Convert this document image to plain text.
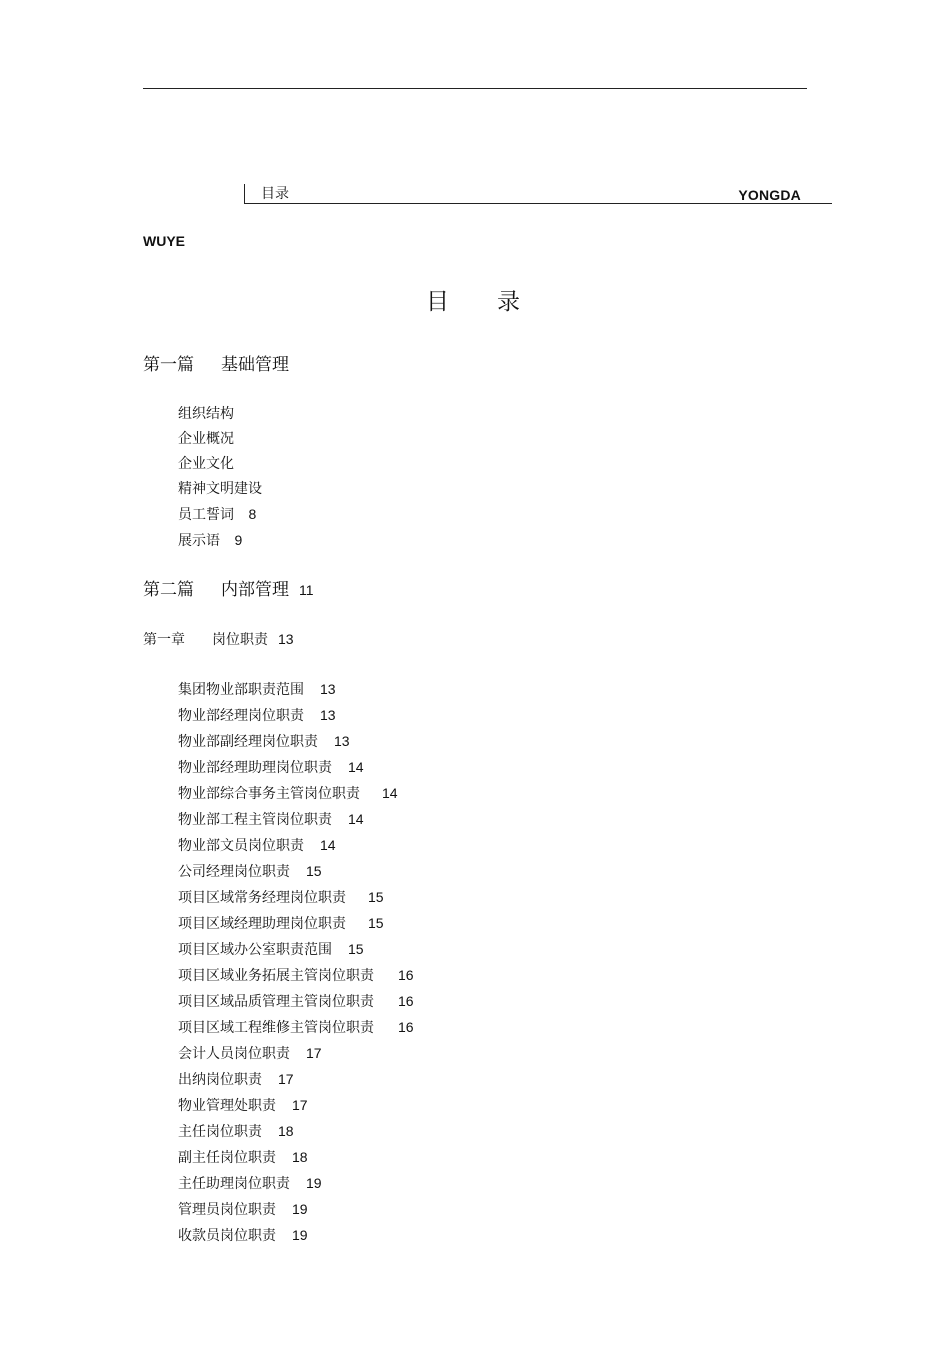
目录	YONGDA
WUYE
目 录
第一篇 基础管理
组织结构
企业概况
企业文化
精神文明建设
员工誓词 8
展示语 9
第二篇 内部管理 11
第一章 岗位职责 13
集团物业部职责范围 13
物业部经理岗位职责 13
物业部副经理岗位职责 13
物业部经理助理岗位职责 14
物业部综合事务主管岗位职责 14
物业部工程主管岗位职责 14
物业部文员岗位职责 14
公司经理岗位职责 15
项目区域常务经理岗位职责 15
项目区域经理助理岗位职责 15
项目区域办公室职责范围 15
项目区域业务拓展主管岗位职责 16
项目区域品质管理主管岗位职责 16
项目区域工程维修主管岗位职责 16
会计人员岗位职责 17
出纳岗位职责 17
物业管理处职责 17
主任岗位职责 18
副主任岗位职责 18
主任助理岗位职责 19
管理员岗位职责 19
收款员岗位职责 19
